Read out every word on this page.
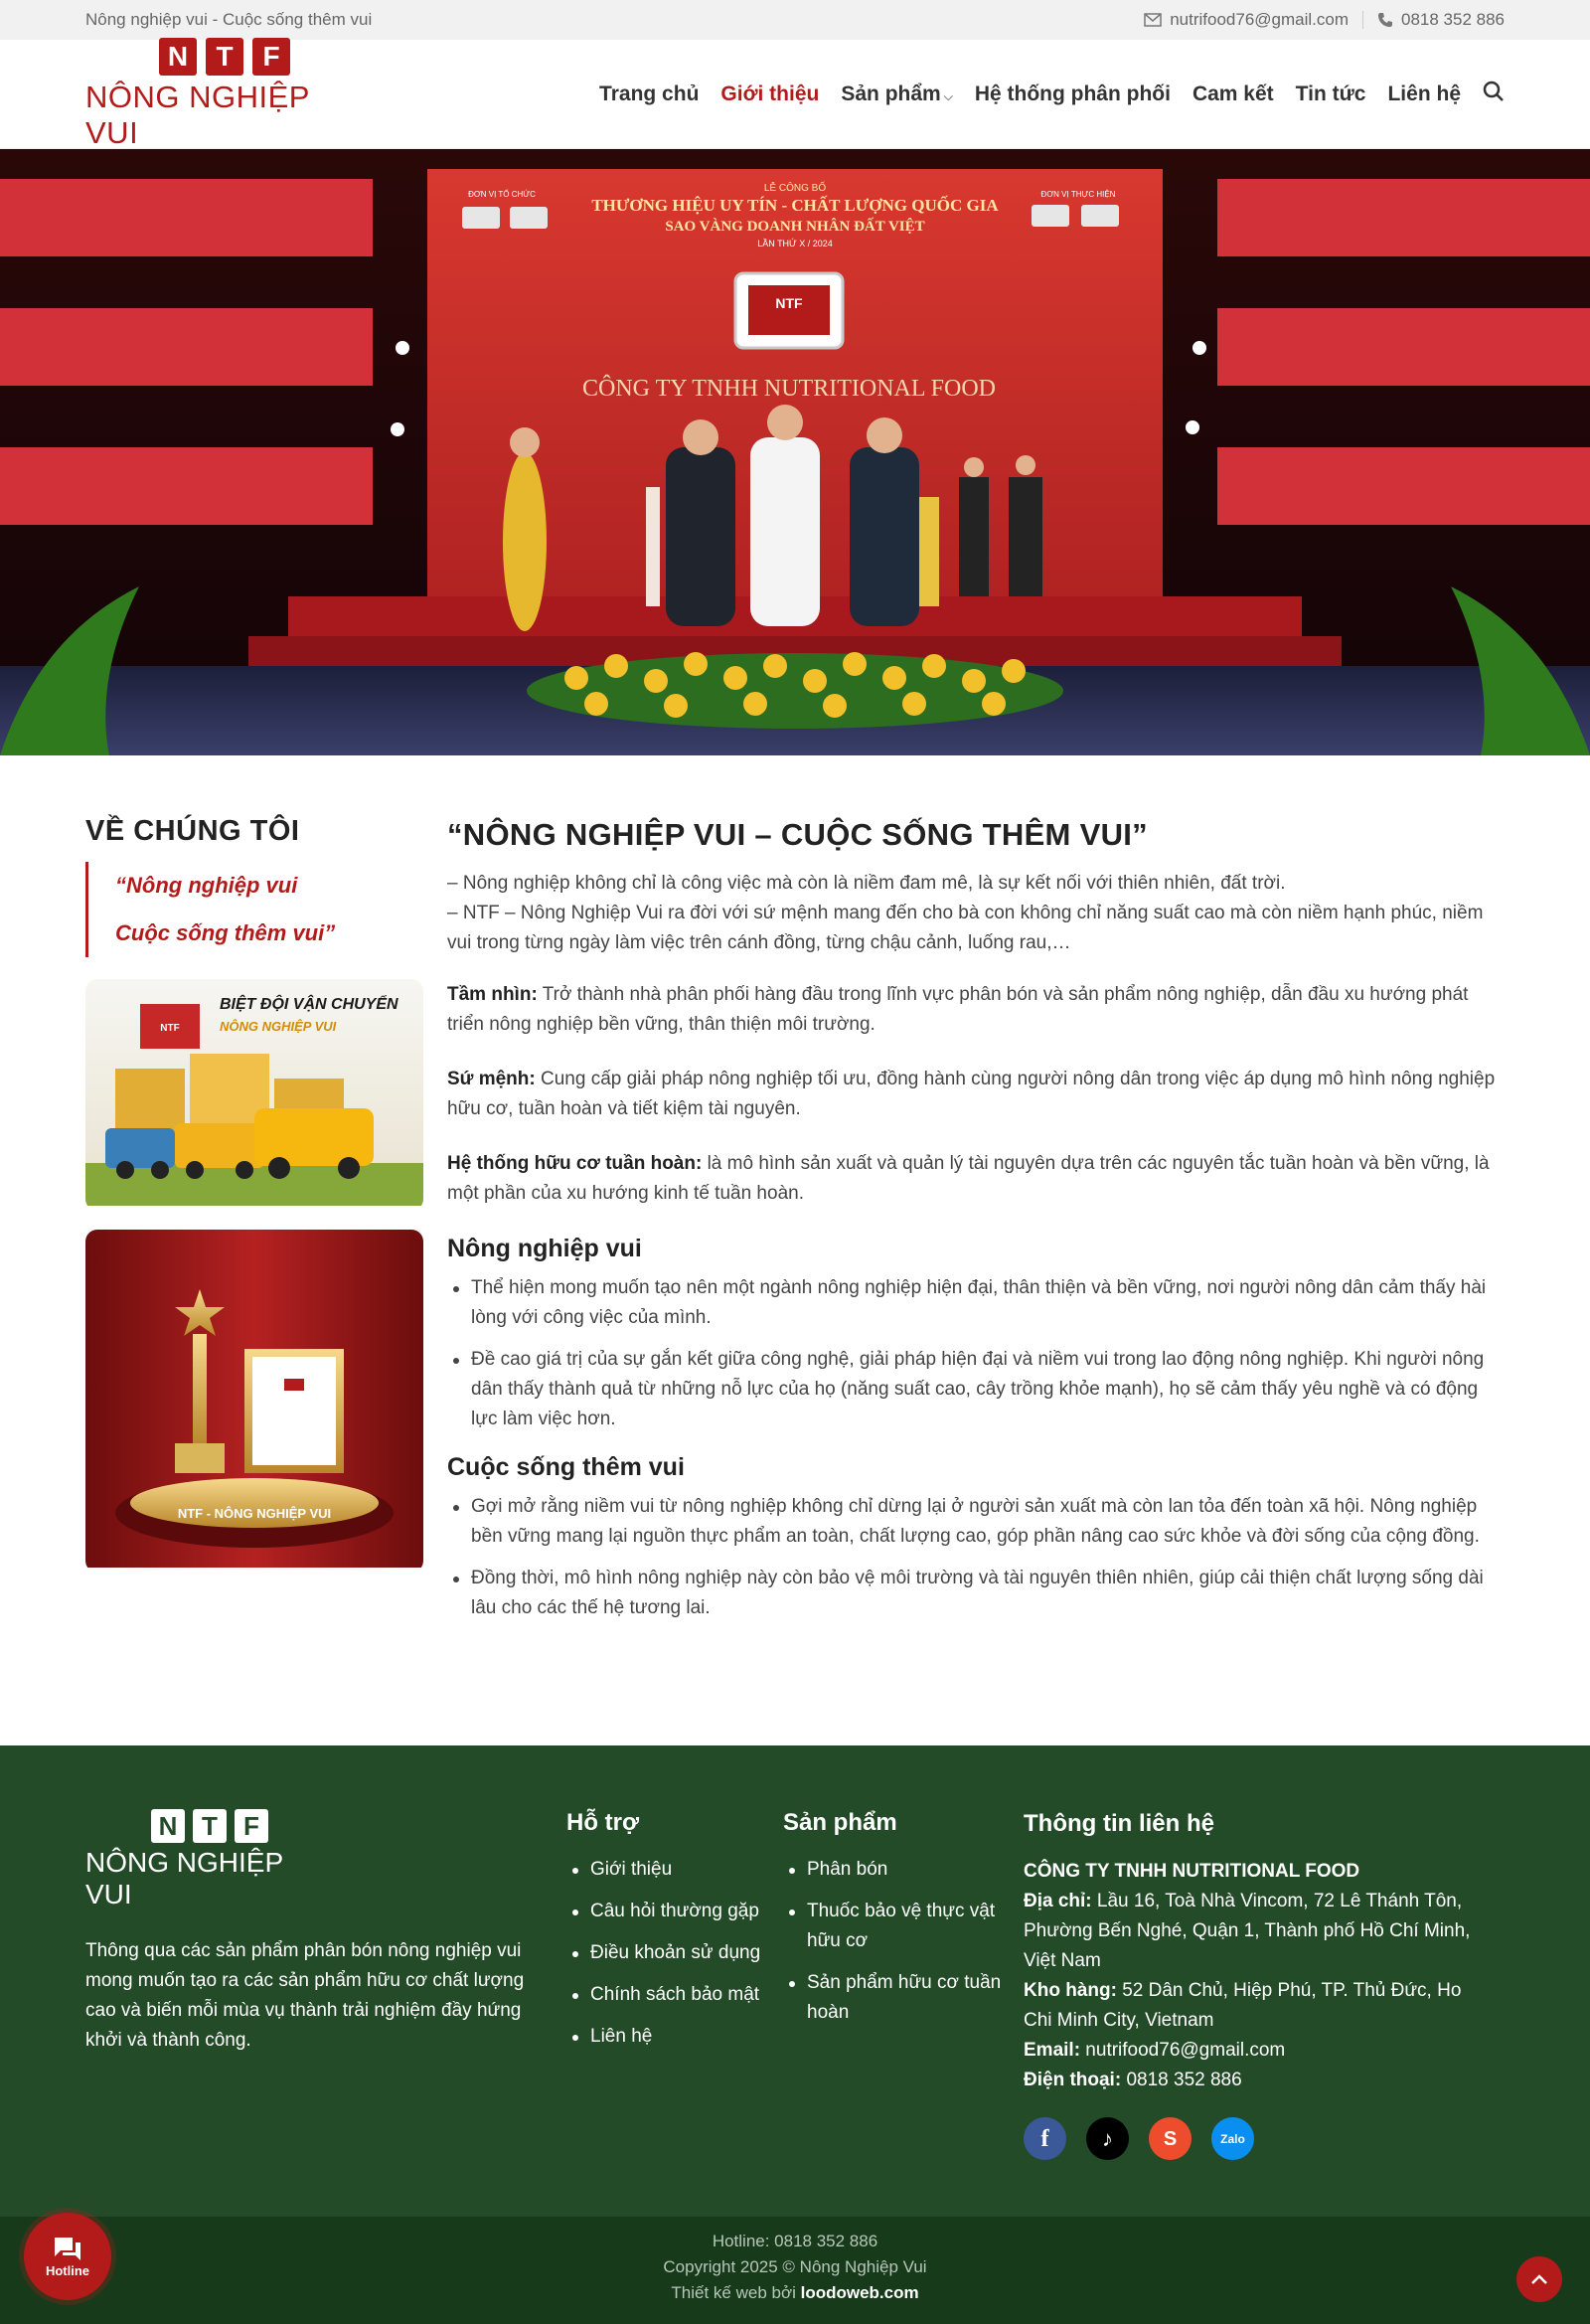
Nông nghiệp vui - Cuộc sống thêm vui	nutrifood76@gmail.com	0818 352 886
N	T	F
NÔNG NGHIỆP VUI
Trang chủ Giới thiệu Sản phẩm ⌵ Hệ thống phân phối Cam kết Tin tức Liên hệ
LỄ CÔNG BỐ
THƯƠNG HIỆU UY TÍN - CHẤT LƯỢNG QUỐC GIA
SAO VÀNG DOANH NHÂN ĐẤT VIỆT
LẦN THỨ X / 2024
ĐƠN VỊ TỔ CHỨC	ĐƠN VỊ THỰC HIỆN
NTF
CÔNG TY TNHH NUTRITIONAL FOOD
VỀ CHÚNG TÔI

“Nông nghiệp vui

Cuộc sống thêm vui”

NTF
BIỆT ĐỘI VẬN CHUYỂN
NÔNG NGHIỆP VUI
NTF - NÔNG NGHIỆP VUI
“NÔNG NGHIỆP VUI – CUỘC SỐNG THÊM VUI”

– Nông nghiệp không chỉ là công việc mà còn là niềm đam mê, là sự kết nối với thiên nhiên, đất trời.
– NTF – Nông Nghiệp Vui ra đời với sứ mệnh mang đến cho bà con không chỉ năng suất cao mà còn niềm hạnh phúc, niềm vui trong từng ngày làm việc trên cánh đồng, từng chậu cảnh, luống rau,…

Tầm nhìn: Trở thành nhà phân phối hàng đầu trong lĩnh vực phân bón và sản phẩm nông nghiệp, dẫn đầu xu hướng phát triển nông nghiệp bền vững, thân thiện môi trường.

Sứ mệnh: Cung cấp giải pháp nông nghiệp tối ưu, đồng hành cùng người nông dân trong việc áp dụng mô hình nông nghiệp hữu cơ, tuần hoàn và tiết kiệm tài nguyên.

Hệ thống hữu cơ tuần hoàn: là mô hình sản xuất và quản lý tài nguyên dựa trên các nguyên tắc tuần hoàn và bền vững, là một phần của xu hướng kinh tế tuần hoàn.

Nông nghiệp vui
Thể hiện mong muốn tạo nên một ngành nông nghiệp hiện đại, thân thiện và bền vững, nơi người nông dân cảm thấy hài lòng với công việc của mình.
Đề cao giá trị của sự gắn kết giữa công nghệ, giải pháp hiện đại và niềm vui trong lao động nông nghiệp. Khi người nông dân thấy thành quả từ những nỗ lực của họ (năng suất cao, cây trồng khỏe mạnh), họ sẽ cảm thấy yêu nghề và có động lực làm việc hơn.
Cuộc sống thêm vui
Gợi mở rằng niềm vui từ nông nghiệp không chỉ dừng lại ở người sản xuất mà còn lan tỏa đến toàn xã hội. Nông nghiệp bền vững mang lại nguồn thực phẩm an toàn, chất lượng cao, góp phần nâng cao sức khỏe và đời sống của cộng đồng.
Đồng thời, mô hình nông nghiệp này còn bảo vệ môi trường và tài nguyên thiên nhiên, giúp cải thiện chất lượng sống dài lâu cho các thế hệ tương lai.
N T	F
NÔNG NGHIỆP VUI

Thông qua các sản phẩm phân bón nông nghiệp vui mong muốn tạo ra các sản phẩm hữu cơ chất lượng cao và biến mỗi mùa vụ thành trải nghiệm đầy hứng khởi và thành công.

Hỗ trợ
Giới thiệu
Câu hỏi thường gặp
Điều khoản sử dụng
Chính sách bảo mật
Liên hệ
Sản phẩm
Phân bón
Thuốc bảo vệ thực vật hữu cơ
Sản phẩm hữu cơ tuần hoàn
Thông tin liên hệ
CÔNG TY TNHH NUTRITIONAL FOOD
Địa chỉ: Lầu 16, Toà Nhà Vincom, 72 Lê Thánh Tôn, Phường Bến Nghé, Quận 1, Thành phố Hồ Chí Minh, Việt Nam
Kho hàng: 52 Dân Chủ, Hiệp Phú, TP. Thủ Đức, Ho Chi Minh City, Vietnam
Email: nutrifood76@gmail.com
Điện thoại: 0818 352 886
f	♪	S	Zalo
Hotline: 0818 352 886
Copyright 2025 © Nông Nghiệp Vui
Thiết kế web bởi loodoweb.com
Hotline
